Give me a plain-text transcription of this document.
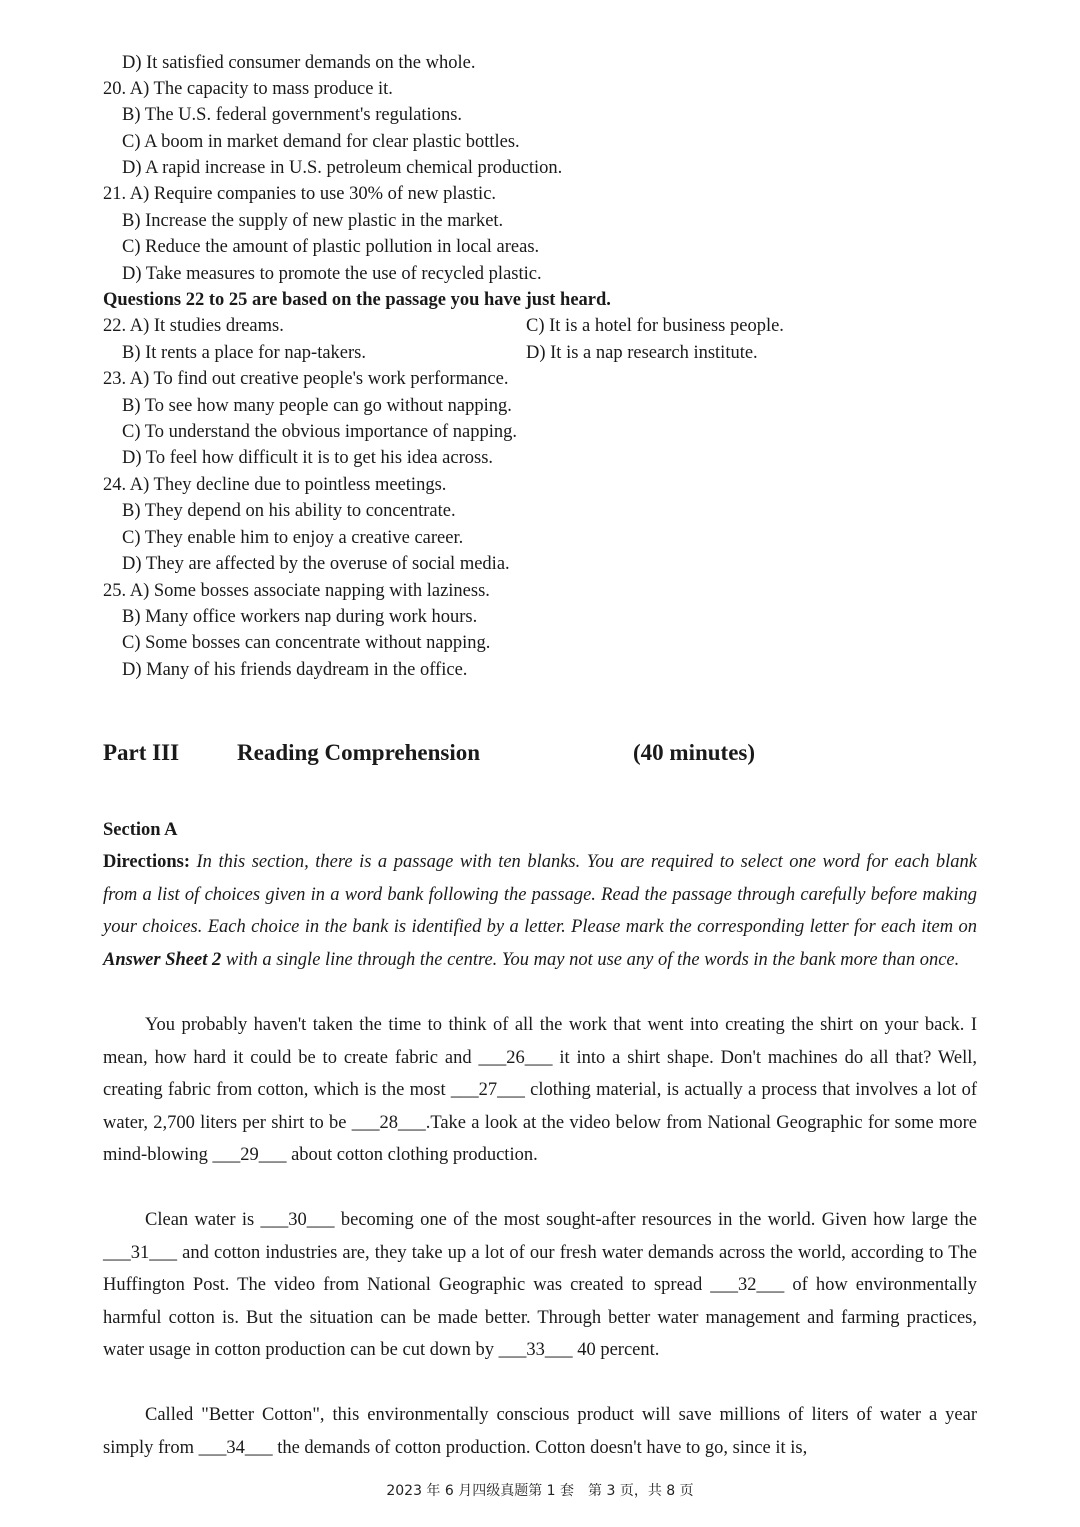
D) It satisfied consumer demands on the whole.
20. A) The capacity to mass produce it.
B) The U.S. federal government's regulations.
C) A boom in market demand for clear plastic bottles.
D) A rapid increase in U.S. petroleum chemical production.
21. A) Require companies to use 30% of new plastic.
B) Increase the supply of new plastic in the market.
C) Reduce the amount of plastic pollution in local areas.
D) Take measures to promote the use of recycled plastic.
Questions 22 to 25 are based on the passage you have just heard.
22. A) It studies dreams.	C) It is a hotel for business people.
B) It rents a place for nap-takers.	D) It is a nap research institute.
23. A) To find out creative people's work performance.
B) To see how many people can go without napping.
C) To understand the obvious importance of napping.
D) To feel how difficult it is to get his idea across.
24. A) They decline due to pointless meetings.
B) They depend on his ability to concentrate.
C) They enable him to enjoy a creative career.
D) They are affected by the overuse of social media.
25. A) Some bosses associate napping with laziness.
B) Many office workers nap during work hours.
C) Some bosses can concentrate without napping.
D) Many of his friends daydream in the office.
Part III	Reading Comprehension	(40 minutes)
Section A
Directions: In this section, there is a passage with ten blanks. You are required to select one word for each blank from a list of choices given in a word bank following the passage. Read the passage through carefully before making your choices. Each choice in the bank is identified by a letter. Please mark the corresponding letter for each item on Answer Sheet 2 with a single line through the centre. You may not use any of the words in the bank more than once.
You probably haven't taken the time to think of all the work that went into creating the shirt on your back. I mean, how hard it could be to create fabric and ___26___ it into a shirt shape. Don't machines do all that? Well, creating fabric from cotton, which is the most ___27___ clothing material, is actually a process that involves a lot of water, 2,700 liters per shirt to be ___28___.Take a look at the video below from National Geographic for some more mind-blowing ___29___ about cotton clothing production.
Clean water is ___30___ becoming one of the most sought-after resources in the world. Given how large the ___31___ and cotton industries are, they take up a lot of our fresh water demands across the world, according to The Huffington Post. The video from National Geographic was created to spread ___32___ of how environmentally harmful cotton is. But the situation can be made better. Through better water management and farming practices, water usage in cotton production can be cut down by ___33___ 40 percent.
Called "Better Cotton", this environmentally conscious product will save millions of liters of water a year simply from ___34___ the demands of cotton production. Cotton doesn't have to go, since it is,
2023 年 6 月四级真题第 1 套　第 3 页，共 8 页
